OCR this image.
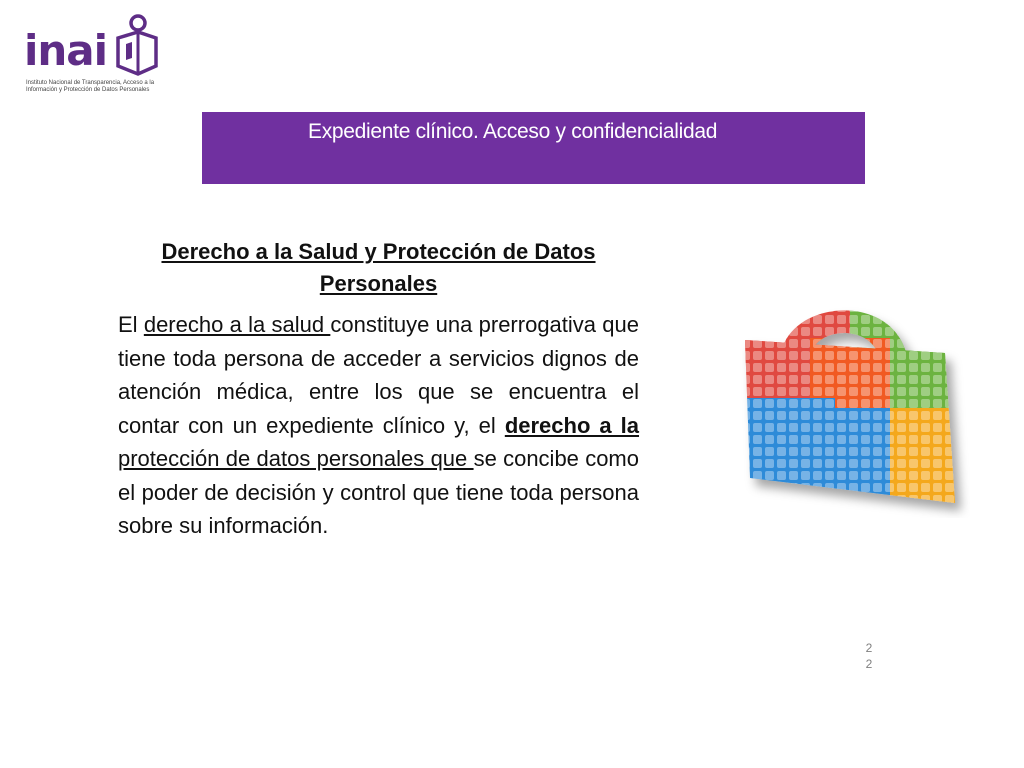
inai
Instituto Nacional de Transparencia, Acceso a la Información y Protección de Datos Personales
Expediente clínico. Acceso y confidencialidad
Derecho a la Salud y Protección de Datos Personales

El derecho a la salud constituye una prerrogativa que tiene toda persona de acceder a servicios dignos de atención médica, entre los que se encuentra el contar con un expediente clínico y, el derecho a la protección de datos personales que se concibe como el poder de decisión y control que tiene toda persona sobre su información.

2
2
